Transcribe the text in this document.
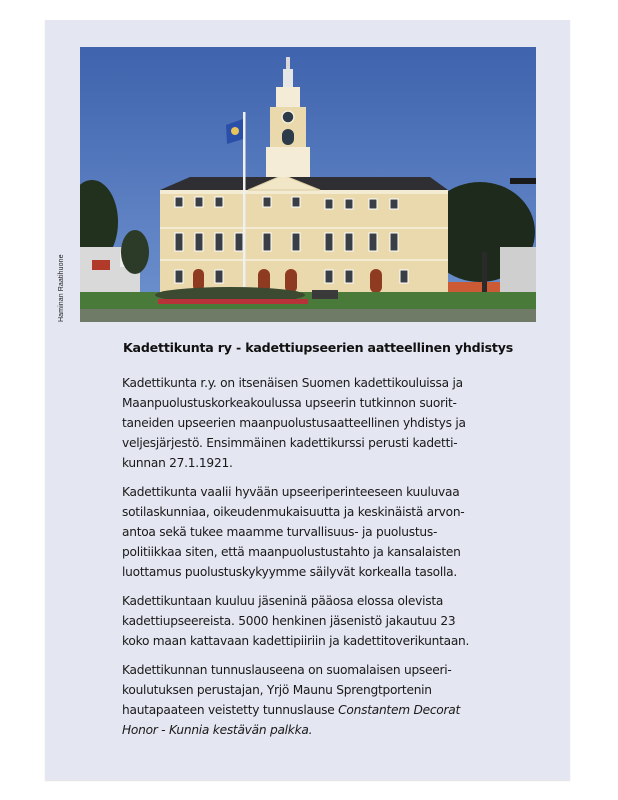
Haminan Raatihuone
Kadettikunta ry - kadettiupseerien aatteellinen yhdistys

Kadettikunta r.y. on itsenäisen Suomen kadettikouluissa ja
Maanpuolustuskorkeakoulussa upseerin tutkinnon suorit-
taneiden upseerien maanpuolustusaatteellinen yhdistys ja
veljesjärjestö. Ensimmäinen kadettikurssi perusti kadetti-
kunnan 27.1.1921.

Kadettikunta vaalii hyvään upseeriperinteeseen kuuluvaa
sotilaskunniaa, oikeudenmukaisuutta ja keskinäistä arvon-
antoa sekä tukee maamme turvallisuus- ja puolustus-
politiikkaa siten, että maanpuolustustahto ja kansalaisten
luottamus puolustuskykyymme säilyvät korkealla tasolla.

Kadettikuntaan kuuluu jäseninä pääosa elossa olevista
kadettiupseereista. 5000 henkinen jäsenistö jakautuu 23
koko maan kattavaan kadettipiiriin ja kadettitoverikuntaan.

Kadettikunnan tunnuslauseena on suomalaisen upseeri-
koulutuksen perustajan, Yrjö Maunu Sprengtportenin
hautapaateen veistetty tunnuslause Constantem Decorat
Honor - Kunnia kestävän palkka.
